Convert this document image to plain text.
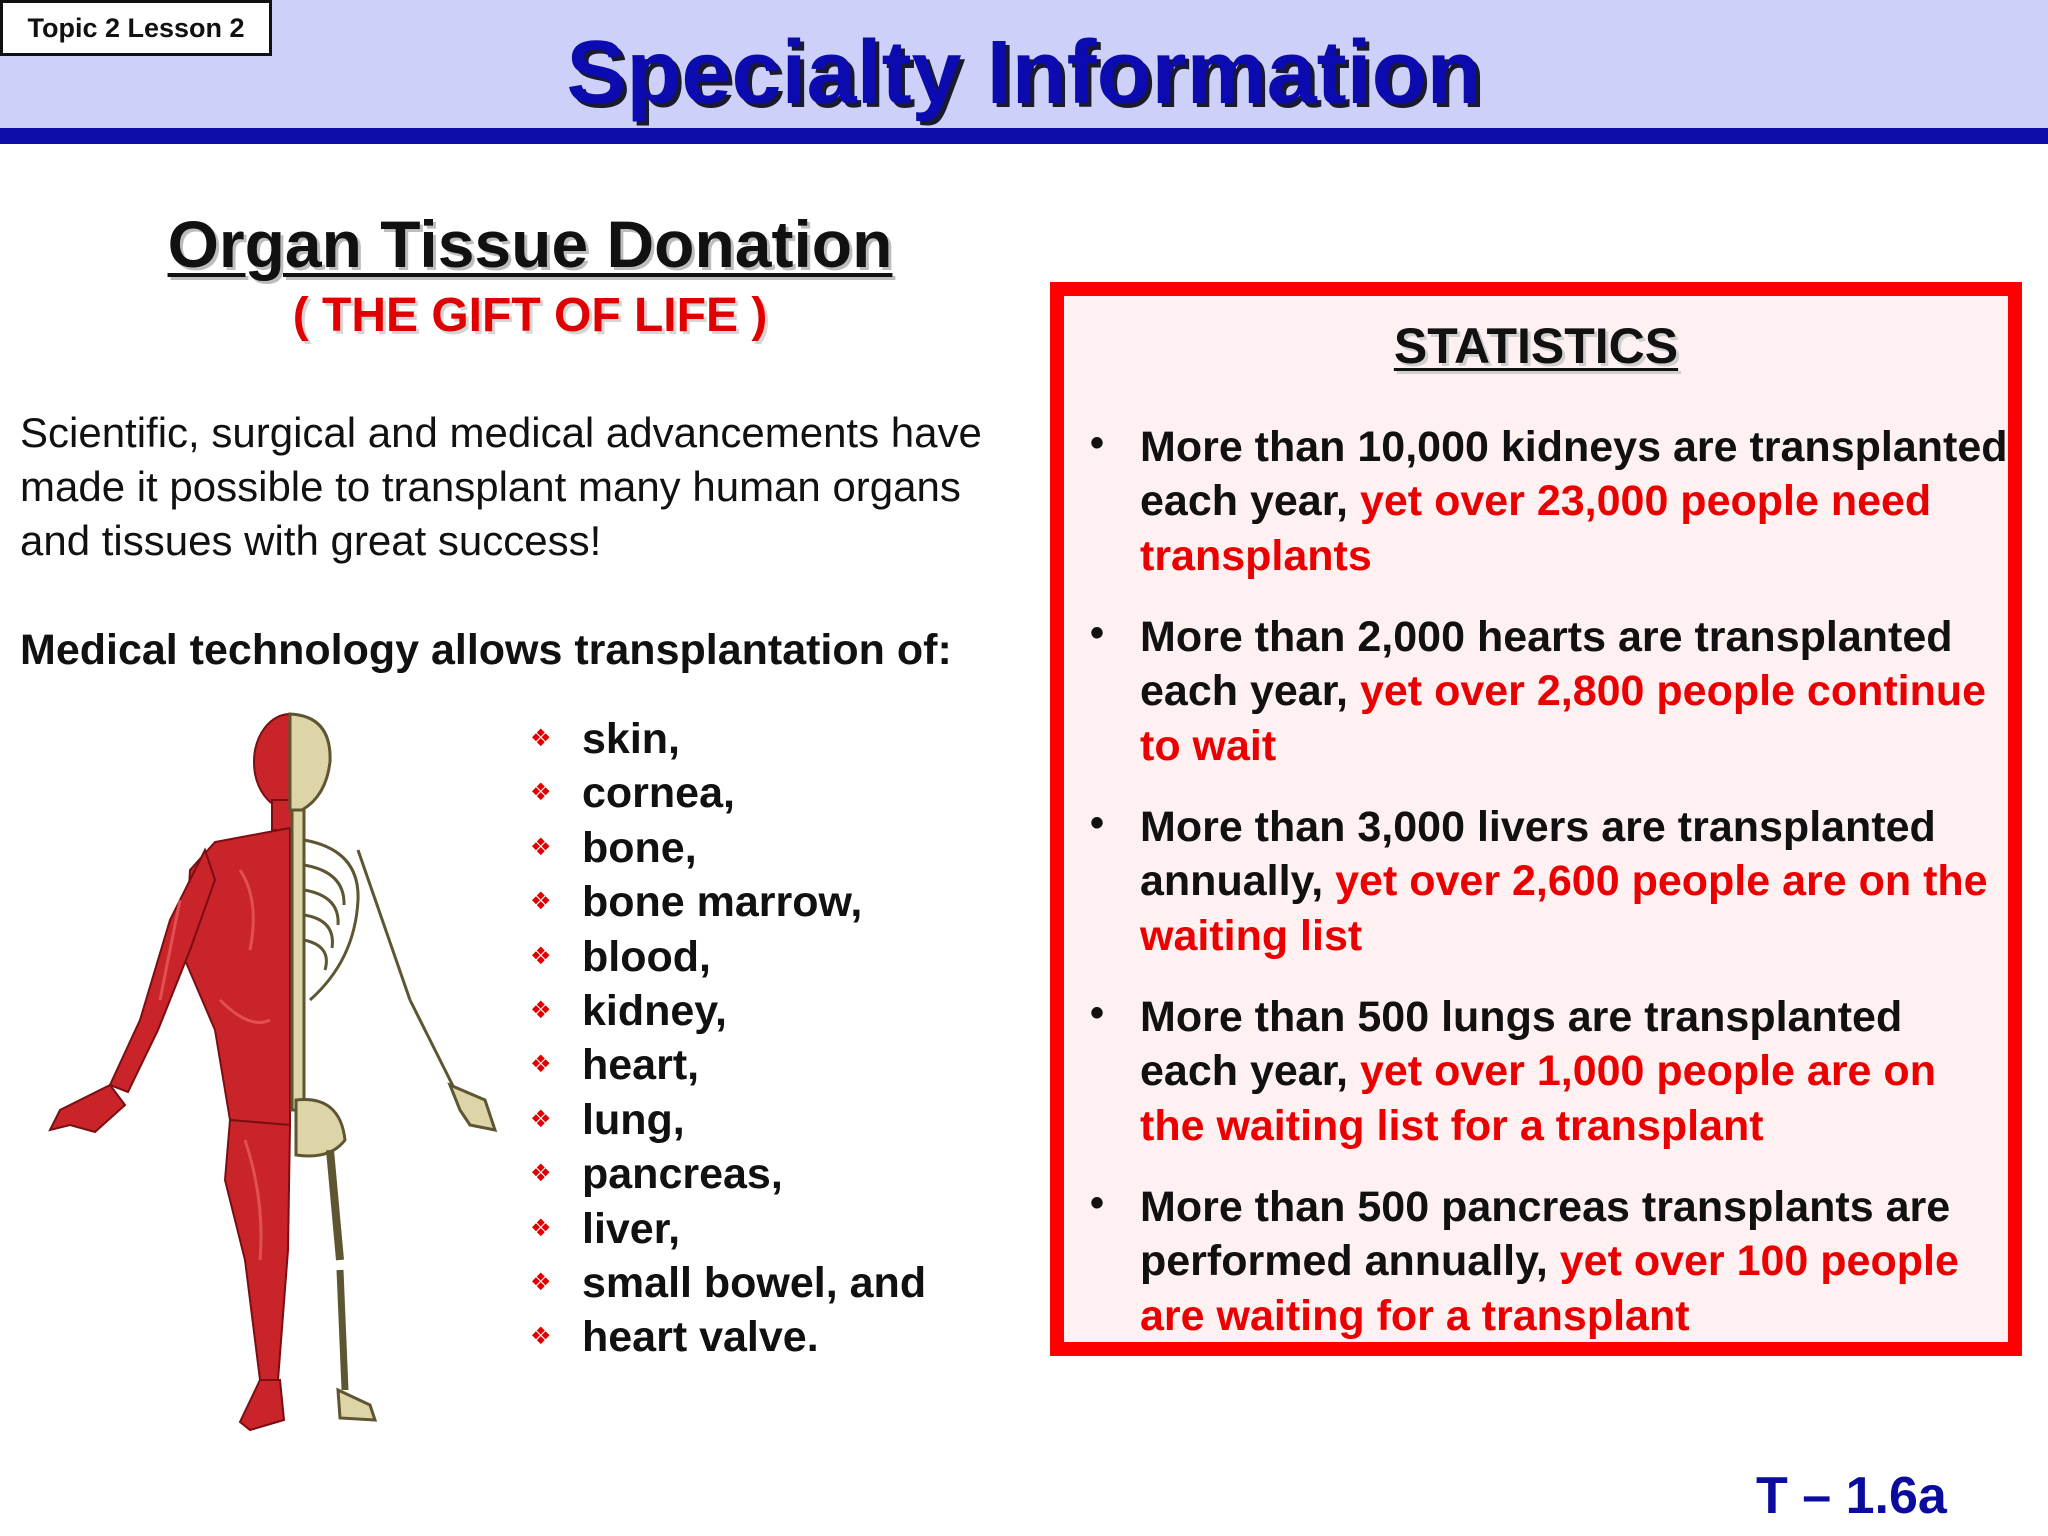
Topic 2 Lesson 2	Specialty Information
Organ Tissue Donation
( THE GIFT OF LIFE )
Scientific, surgical and medical advancements have made it possible to transplant many human organs and tissues with great success!
Medical technology allows transplantation of:
❖ skin,
❖ cornea,
❖ bone,
❖ bone marrow,
❖ blood,
❖ kidney,
❖ heart,
❖ lung,
❖ pancreas,
❖ liver,
❖ small bowel, and
❖ heart valve.
STATISTICS
• More than 10,000 kidneys are transplanted each year, yet over 23,000 people need transplants
• More than 2,000 hearts are transplanted each year, yet over 2,800 people continue to wait
• More than 3,000 livers are transplanted annually, yet over 2,600 people are on the waiting list
• More than 500 lungs are transplanted each year, yet over 1,000 people are on the waiting list for a transplant
• More than 500 pancreas transplants are performed annually, yet over 100 people are waiting for a transplant
T – 1.6a
